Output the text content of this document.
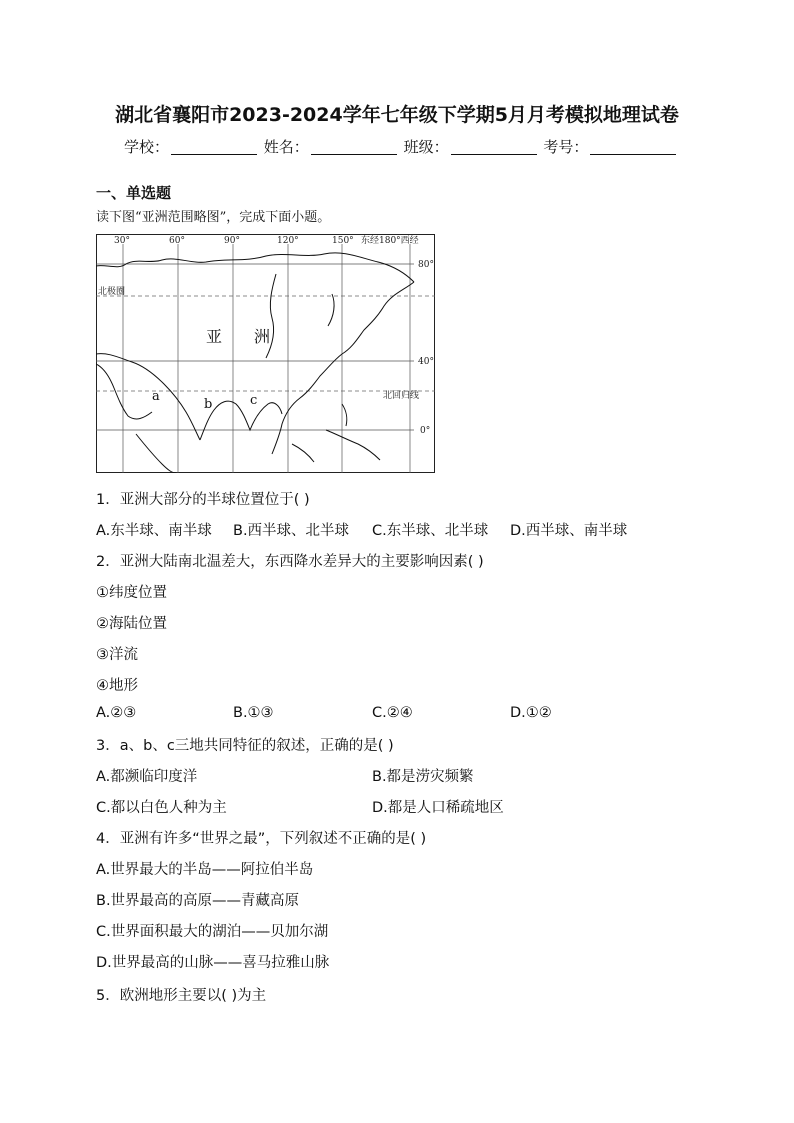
湖北省襄阳市2023-2024学年七年级下学期5月月考模拟地理试卷
学校：	姓名：	班级：	考号：
一、单选题
读下图“亚洲范围略图”，完成下面小题。
30°	60°	90°	120°	150° 东经180°西经
80°
40°
0°
北极圈
北回归线
亚 洲
a
b	c
1．亚洲大部分的半球位置位于( )
A.东半球、南半球 B.西半球、北半球 C.东半球、北半球 D.西半球、南半球
2．亚洲大陆南北温差大，东西降水差异大的主要影响因素( )
①纬度位置
②海陆位置
③洋流
④地形
A.②③	B.①③	C.②④	D.①②
3．a、b、c三地共同特征的叙述，正确的是( )
A.都濒临印度洋	B.都是涝灾频繁
C.都以白色人种为主	D.都是人口稀疏地区
4．亚洲有许多“世界之最”，下列叙述不正确的是( )
A.世界最大的半岛——阿拉伯半岛
B.世界最高的高原——青藏高原
C.世界面积最大的湖泊——贝加尔湖
D.世界最高的山脉——喜马拉雅山脉
5．欧洲地形主要以( )为主
